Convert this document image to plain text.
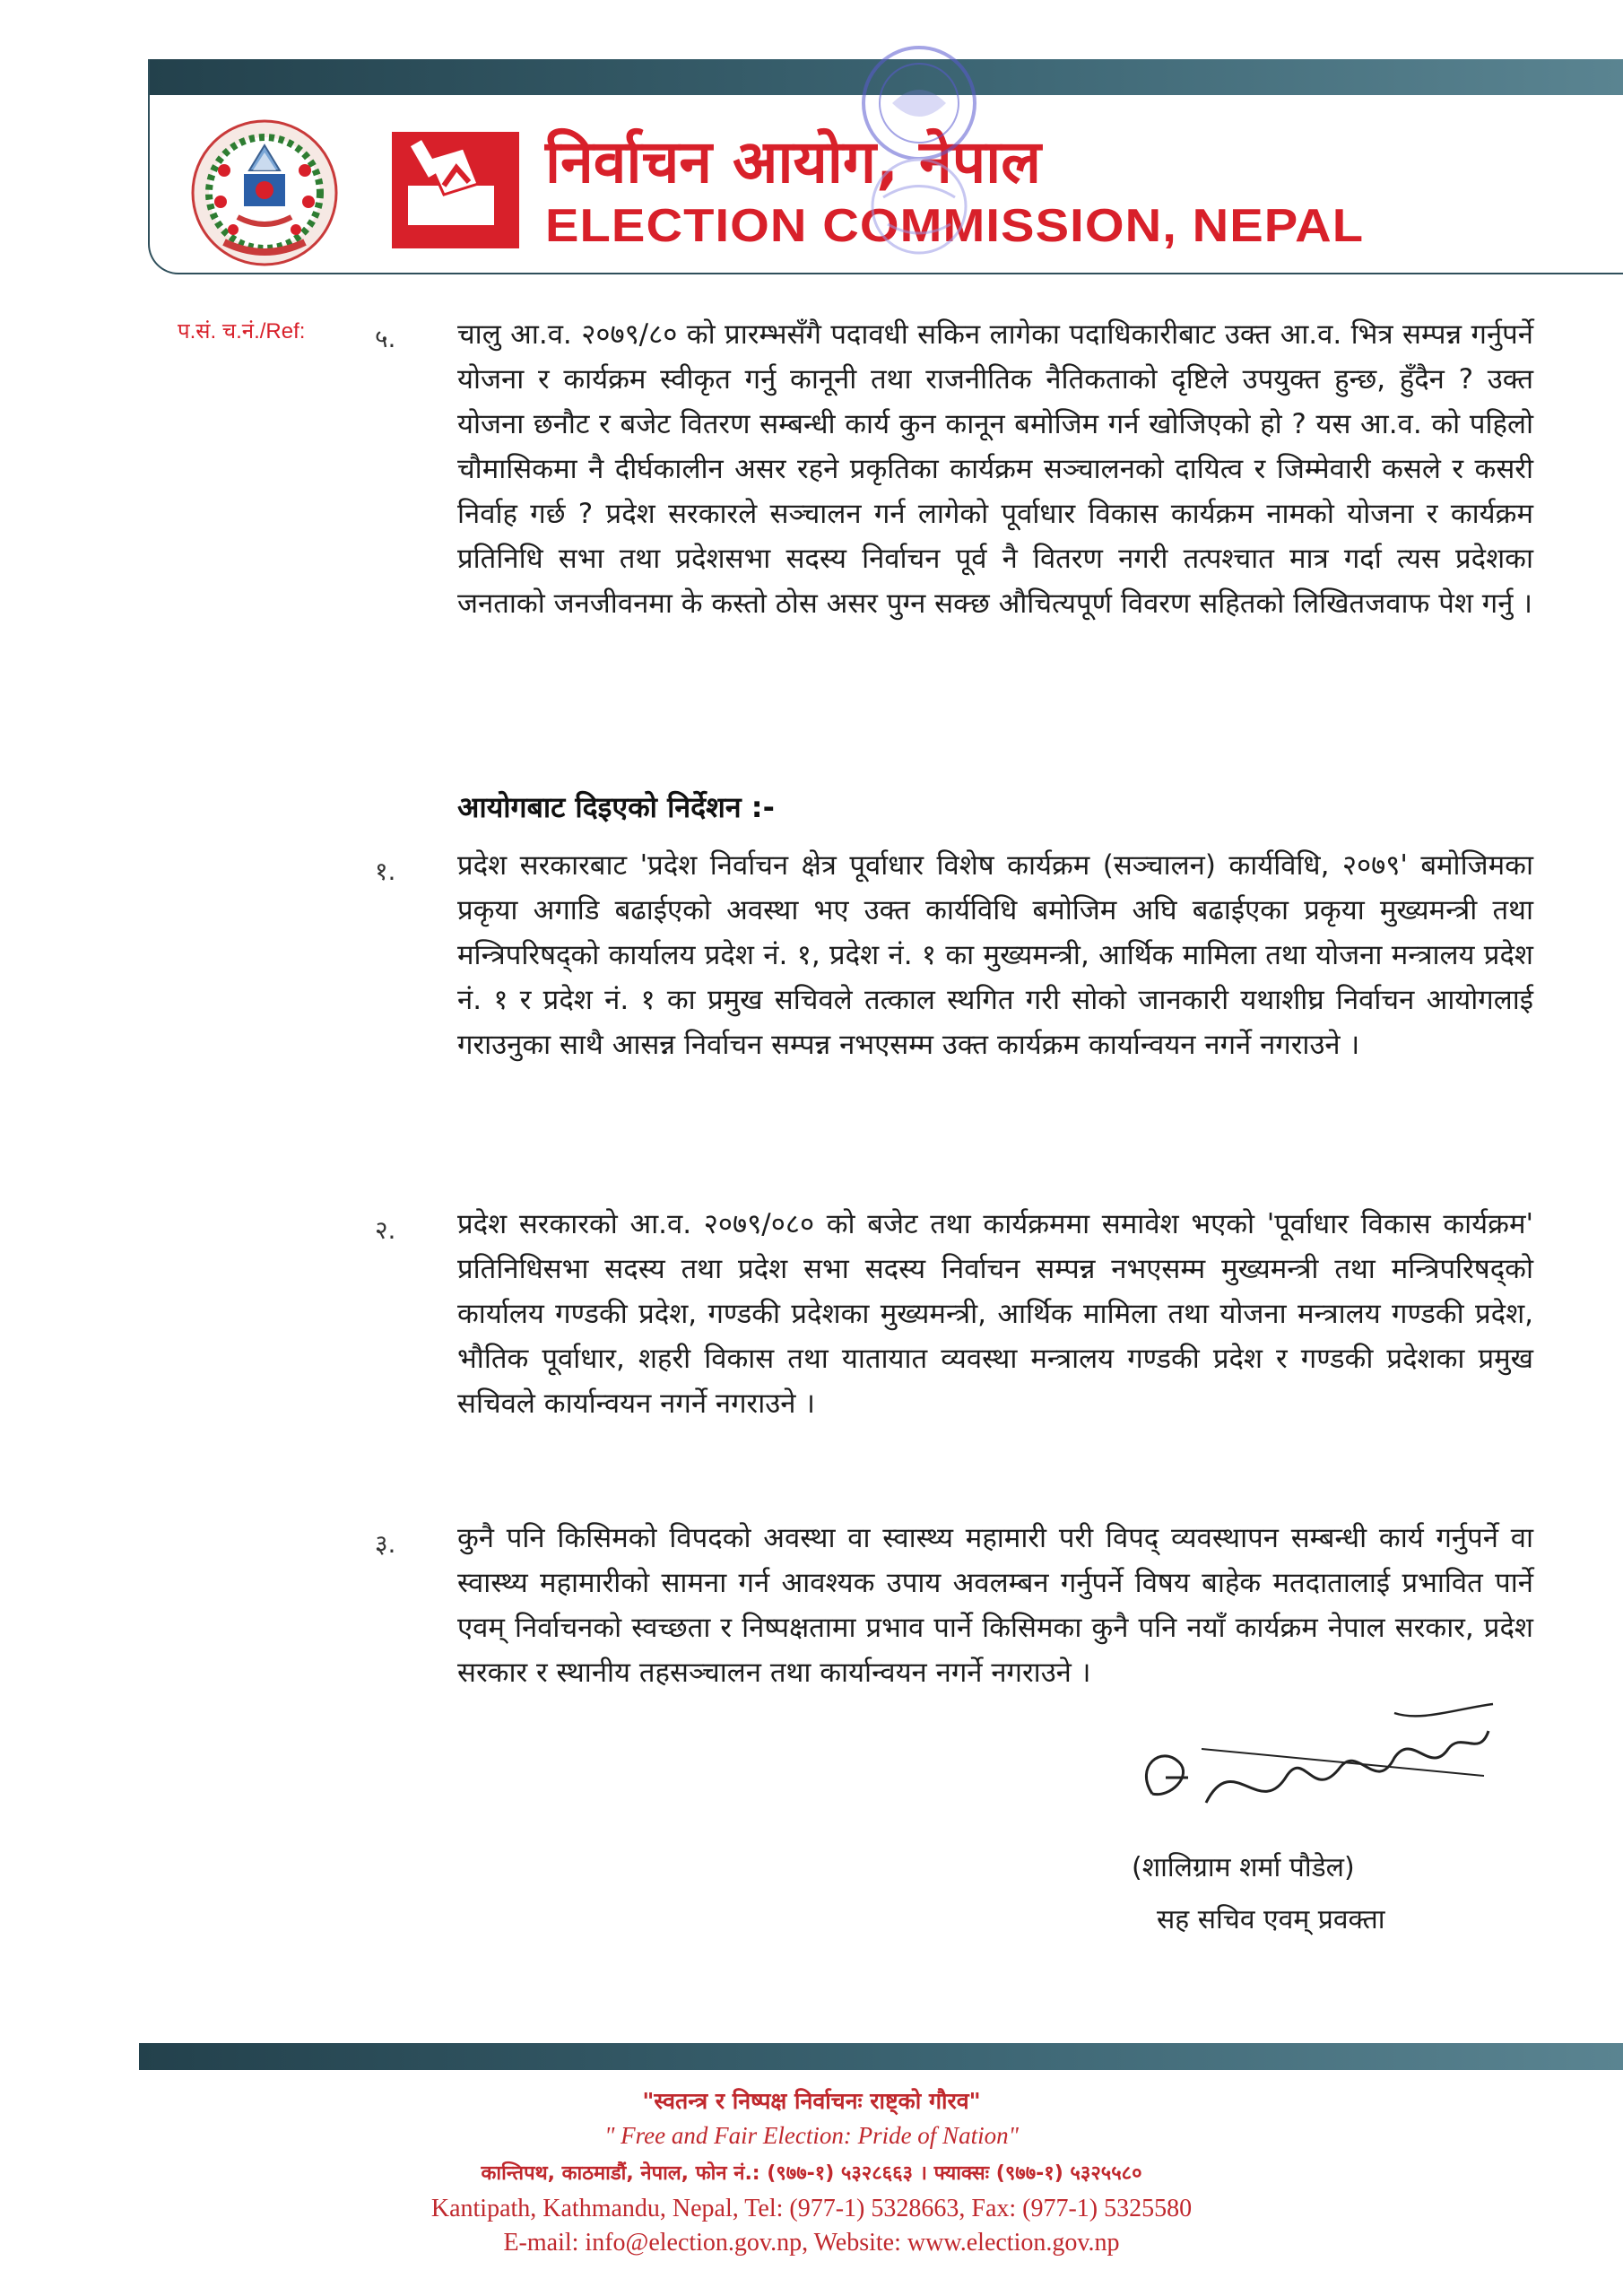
निर्वाचन आयोग, नेपाल
ELECTION COMMISSION, NEPAL
प.सं. च.नं./Ref:	५. चालु आ.व. २०७९/८० को प्रारम्भसँगै पदावधी सकिन लागेका पदाधिकारीबाट उक्त आ.व. भित्र सम्पन्न गर्नुपर्ने योजना र कार्यक्रम स्वीकृत गर्नु कानूनी तथा राजनीतिक नैतिकताको दृष्टिले उपयुक्त हुन्छ, हुँदैन ? उक्त योजना छनौट र बजेट वितरण सम्बन्धी कार्य कुन कानून बमोजिम गर्न खोजिएको हो ? यस आ.व. को पहिलो चौमासिकमा नै दीर्घकालीन असर रहने प्रकृतिका कार्यक्रम सञ्चालनको दायित्व र जिम्मेवारी कसले र कसरी निर्वाह गर्छ ? प्रदेश सरकारले सञ्चालन गर्न लागेको पूर्वाधार विकास कार्यक्रम नामको योजना र कार्यक्रम प्रतिनिधि सभा तथा प्रदेशसभा सदस्य निर्वाचन पूर्व नै वितरण नगरी तत्पश्चात मात्र गर्दा त्यस प्रदेशका जनताको जनजीवनमा के कस्तो ठोस असर पुग्न सक्छ औचित्यपूर्ण विवरण सहितको लिखितजवाफ पेश गर्नु ।
आयोगबाट दिइएको निर्देशन :-
१. प्रदेश सरकारबाट 'प्रदेश निर्वाचन क्षेत्र पूर्वाधार विशेष कार्यक्रम (सञ्चालन) कार्यविधि, २०७९' बमोजिमका प्रकृया अगाडि बढाईएको अवस्था भए उक्त कार्यविधि बमोजिम अघि बढाईएका प्रकृया मुख्यमन्त्री तथा मन्त्रिपरिषद्को कार्यालय प्रदेश नं. १, प्रदेश नं. १ का मुख्यमन्त्री, आर्थिक मामिला तथा योजना मन्त्रालय प्रदेश नं. १ र प्रदेश नं. १ का प्रमुख सचिवले तत्काल स्थगित गरी सोको जानकारी यथाशीघ्र निर्वाचन आयोगलाई गराउनुका साथै आसन्न निर्वाचन सम्पन्न नभएसम्म उक्त कार्यक्रम कार्यान्वयन नगर्ने नगराउने ।
२. प्रदेश सरकारको आ.व. २०७९/०८० को बजेट तथा कार्यक्रममा समावेश भएको 'पूर्वाधार विकास कार्यक्रम' प्रतिनिधिसभा सदस्य तथा प्रदेश सभा सदस्य निर्वाचन सम्पन्न नभएसम्म मुख्यमन्त्री तथा मन्त्रिपरिषद्को कार्यालय गण्डकी प्रदेश, गण्डकी प्रदेशका मुख्यमन्त्री, आर्थिक मामिला तथा योजना मन्त्रालय गण्डकी प्रदेश, भौतिक पूर्वाधार, शहरी विकास तथा यातायात व्यवस्था मन्त्रालय गण्डकी प्रदेश र गण्डकी प्रदेशका प्रमुख सचिवले कार्यान्वयन नगर्ने नगराउने ।
३. कुनै पनि किसिमको विपदको अवस्था वा स्वास्थ्य महामारी परी विपद् व्यवस्थापन सम्बन्धी कार्य गर्नुपर्ने वा स्वास्थ्य महामारीको सामना गर्न आवश्यक उपाय अवलम्बन गर्नुपर्ने विषय बाहेक मतदातालाई प्रभावित पार्ने एवम् निर्वाचनको स्वच्छता र निष्पक्षतामा प्रभाव पार्ने किसिमका कुनै पनि नयाँ कार्यक्रम नेपाल सरकार, प्रदेश सरकार र स्थानीय तहसञ्चालन तथा कार्यान्वयन नगर्ने नगराउने ।
(शालिग्राम शर्मा पौडेल)
सह सचिव एवम् प्रवक्ता
"स्वतन्त्र र निष्पक्ष निर्वाचनः राष्ट्को गौरव"
" Free and Fair Election: Pride of Nation"
कान्तिपथ, काठमाडौं, नेपाल, फोन नं.: (९७७-१) ५३२८६६३ । फ्याक्सः (९७७-१) ५३२५५८०
Kantipath, Kathmandu, Nepal, Tel: (977-1) 5328663, Fax: (977-1) 5325580
E-mail: info@election.gov.np, Website: www.election.gov.np
